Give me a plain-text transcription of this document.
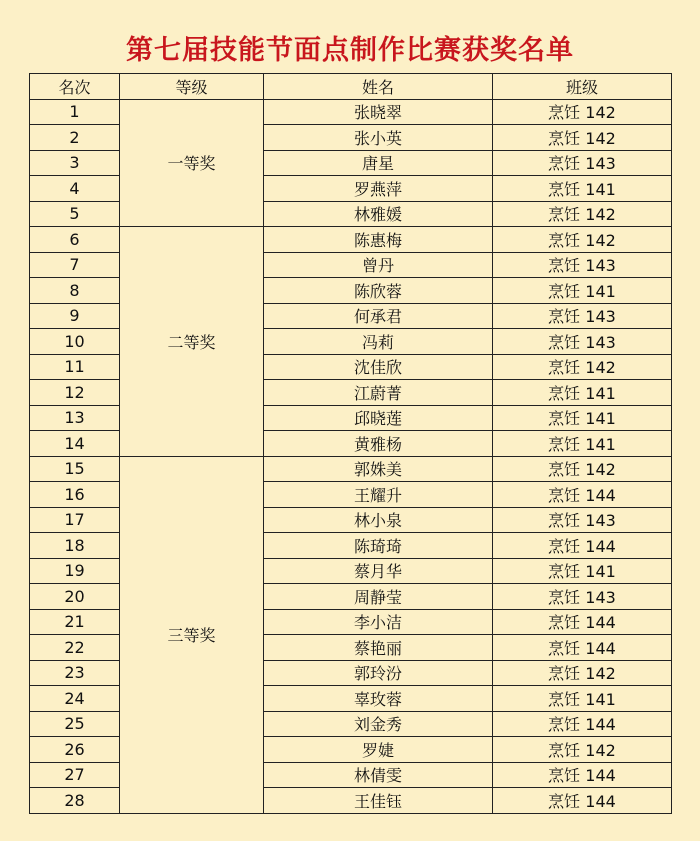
第七届技能节面点制作比赛获奖名单
名次	等级	姓名	班级
1	一等奖	张晓翠	烹饪 142
2		张小英	烹饪 142
3		唐星	烹饪 143
4		罗燕萍	烹饪 141
5		林雅媛	烹饪 142
6	二等奖	陈惠梅	烹饪 142
7		曾丹	烹饪 143
8		陈欣蓉	烹饪 141
9		何承君	烹饪 143
10		冯莉	烹饪 143
11		沈佳欣	烹饪 142
12		江蔚菁	烹饪 141
13		邱晓莲	烹饪 141
14		黄雅杨	烹饪 141
15	三等奖	郭姝美	烹饪 142
16		王耀升	烹饪 144
17		林小泉	烹饪 143
18		陈琦琦	烹饪 144
19		蔡月华	烹饪 141
20		周静莹	烹饪 143
21		李小洁	烹饪 144
22		蔡艳丽	烹饪 144
23		郭玲汾	烹饪 142
24		辜玫蓉	烹饪 141
25		刘金秀	烹饪 144
26		罗婕	烹饪 142
27		林倩雯	烹饪 144
28		王佳钰	烹饪 144
